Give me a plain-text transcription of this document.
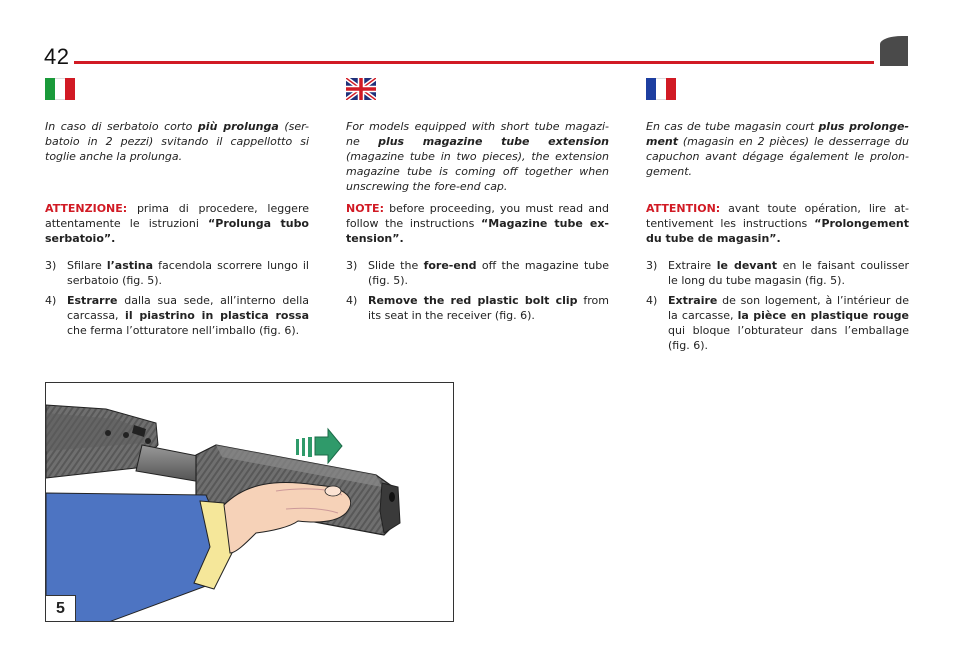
42

In caso di serbatoio corto più prolunga (ser-batoio in 2 pezzi) svitando il cappellotto si toglie anche la prolunga.

ATTENZIONE: prima di procedere, leggere attentamente le istruzioni “Prolunga tubo serbatoio”.

3) Sfilare l’astina facendola scorrere lungo il serbatoio (fig. 5).
4) Estrarre dalla sua sede, all’interno della carcassa, il piastrino in plastica rossa che ferma l’otturatore nell’imballo (fig. 6).

For models equipped with short tube magazi-ne plus magazine tube extension (magazine tube in two pieces), the extension magazine tube is coming off together when unscrewing the fore-end cap.

NOTE: before proceeding, you must read and follow the instructions “Magazine tube ex-tension”.

3) Slide the fore-end off the magazine tube (fig. 5).
4) Remove the red plastic bolt clip from its seat in the receiver (fig. 6).

En cas de tube magasin court plus prolonge-ment (magasin en 2 pièces) le desserrage du capuchon avant dégage également le prolon-gement.

ATTENTION: avant toute opération, lire at-tentivement les instructions “Prolongement du tube de magasin”.

3) Extraire le devant en le faisant coulisser le long du tube magasin (fig. 5).
4) Extraire de son logement, à l’intérieur de la carcasse, la pièce en plastique rouge qui bloque l’obturateur dans l’emballage (fig. 6).
5
